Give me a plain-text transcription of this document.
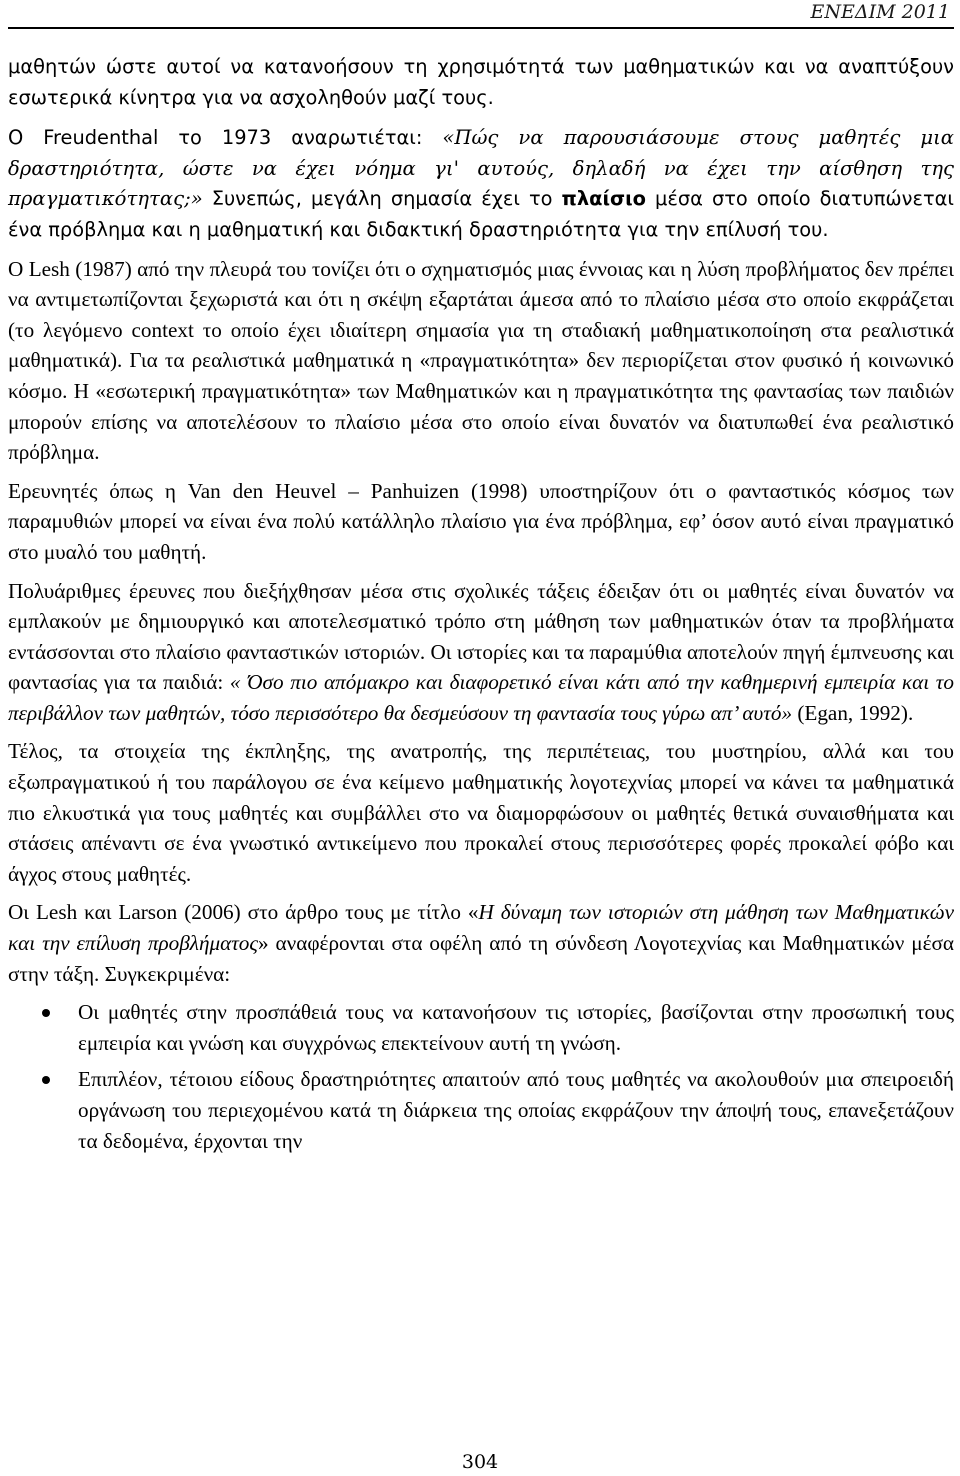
ΕΝΕΔΙΜ 2011

μαθητών ώστε αυτοί να κατανοήσουν τη χρησιμότητά των μαθηματικών και να αναπτύξουν εσωτερικά κίνητρα για να ασχοληθούν μαζί τους.

Ο Freudenthal το 1973 αναρωτιέται: «Πώς να παρουσιάσουμε στους μαθητές μια δραστηριότητα, ώστε να έχει νόημα γι' αυτούς, δηλαδή να έχει την αίσθηση της πραγματικότητας;» Συνεπώς, μεγάλη σημασία έχει το πλαίσιο μέσα στο οποίο διατυπώνεται ένα πρόβλημα και η μαθηματική και διδακτική δραστηριότητα για την επίλυσή του.

Ο Lesh (1987) από την πλευρά του τονίζει ότι ο σχηματισμός μιας έννοιας και η λύση προβλήματος δεν πρέπει να αντιμετωπίζονται ξεχωριστά και ότι η σκέψη εξαρτάται άμεσα από το πλαίσιο μέσα στο οποίο εκφράζεται (το λεγόμενο context το οποίο έχει ιδιαίτερη σημασία για τη σταδιακή μαθηματικοποίηση στα ρεαλιστικά μαθηματικά). Για τα ρεαλιστικά μαθηματικά η «πραγματικότητα» δεν περιορίζεται στον φυσικό ή κοινωνικό κόσμο. Η «εσωτερική πραγματικότητα» των Μαθηματικών και η πραγματικότητα της φαντασίας των παιδιών μπορούν επίσης να αποτελέσουν το πλαίσιο μέσα στο οποίο είναι δυνατόν να διατυπωθεί ένα ρεαλιστικό πρόβλημα.

Ερευνητές όπως η Van den Heuvel – Panhuizen (1998) υποστηρίζουν ότι ο φανταστικός κόσμος των παραμυθιών μπορεί να είναι ένα πολύ κατάλληλο πλαίσιο για ένα πρόβλημα, εφ’ όσον αυτό είναι πραγματικό στο μυαλό του μαθητή.

Πολυάριθμες έρευνες που διεξήχθησαν μέσα στις σχολικές τάξεις έδειξαν ότι οι μαθητές είναι δυνατόν να εμπλακούν με δημιουργικό και αποτελεσματικό τρόπο στη μάθηση των μαθηματικών όταν τα προβλήματα εντάσσονται στο πλαίσιο φανταστικών ιστοριών. Οι ιστορίες και τα παραμύθια αποτελούν πηγή έμπνευσης και φαντασίας για τα παιδιά: « Όσο πιο απόμακρο και διαφορετικό είναι κάτι από την καθημερινή εμπειρία και το περιβάλλον των μαθητών, τόσο περισσότερο θα δεσμεύσουν τη φαντασία τους γύρω απ’ αυτό» (Egan, 1992).

Τέλος, τα στοιχεία της έκπληξης, της ανατροπής, της περιπέτειας, του μυστηρίου, αλλά και του εξωπραγματικού ή του παράλογου σε ένα κείμενο μαθηματικής λογοτεχνίας μπορεί να κάνει τα μαθηματικά πιο ελκυστικά για τους μαθητές και συμβάλλει στο να διαμορφώσουν οι μαθητές θετικά συναισθήματα και στάσεις απέναντι σε ένα γνωστικό αντικείμενο που προκαλεί στους περισσότερες φορές προκαλεί φόβο και άγχος στους μαθητές.

Οι Lesh και Larson (2006) στο άρθρο τους με τίτλο «Η δύναμη των ιστοριών στη μάθηση των Μαθηματικών και την επίλυση προβλήματος» αναφέρονται στα οφέλη από τη σύνδεση Λογοτεχνίας και Μαθηματικών μέσα στην τάξη. Συγκεκριμένα:

Οι μαθητές στην προσπάθειά τους να κατανοήσουν τις ιστορίες, βασίζονται στην προσωπική τους εμπειρία και γνώση και συγχρόνως επεκτείνουν αυτή τη γνώση.
Επιπλέον, τέτοιου είδους δραστηριότητες απαιτούν από τους μαθητές να ακολουθούν μια σπειροειδή οργάνωση του περιεχομένου κατά τη διάρκεια της οποίας εκφράζουν την άποψή τους, επανεξετάζουν τα δεδομένα, έρχονται την
304
